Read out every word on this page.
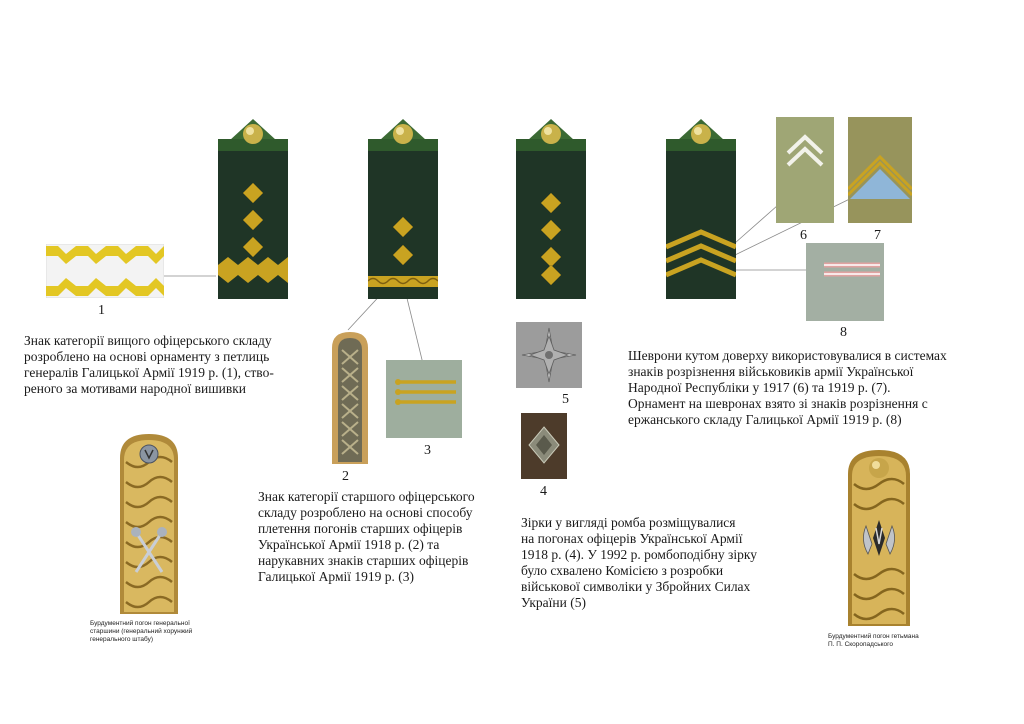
1
6	7
8
2
3
5
4
Бурдументний погон генеральної
старшини (генеральний хорунжий
генерального штабу)	Бурдументний погон гетьмана
П. П. Скоропадського
Знак категорії вищого офіцерського складу
розроблено на основі орнаменту з петлиць
генералів Галицької Армії 1919 р. (1), ство-
реного за мотивами народної вишивки
Знак категорії старшого офіцерського
складу розроблено на основі способу
плетення погонів старших офіцерів
Української Армії 1918 р. (2) та
нарукавних знаків старших офіцерів
Галицької Армії 1919 р. (3)
Зірки у вигляді ромба розміщувалися
на погонах офіцерів Української Армії
1918 р. (4). У 1992 р. ромбоподібну зірку
було схвалено Комісією з розробки
військової символіки у Збройних Силах
України (5)
Шеврони кутом доверху використовувалися в системах
знаків розрізнення військовиків армії Української
Народної Республіки у 1917 (6) та 1919 р. (7).
Орнамент на шевронах взято зі знаків розрізнення с
ержанського складу Галицької Армії 1919 р. (8)
